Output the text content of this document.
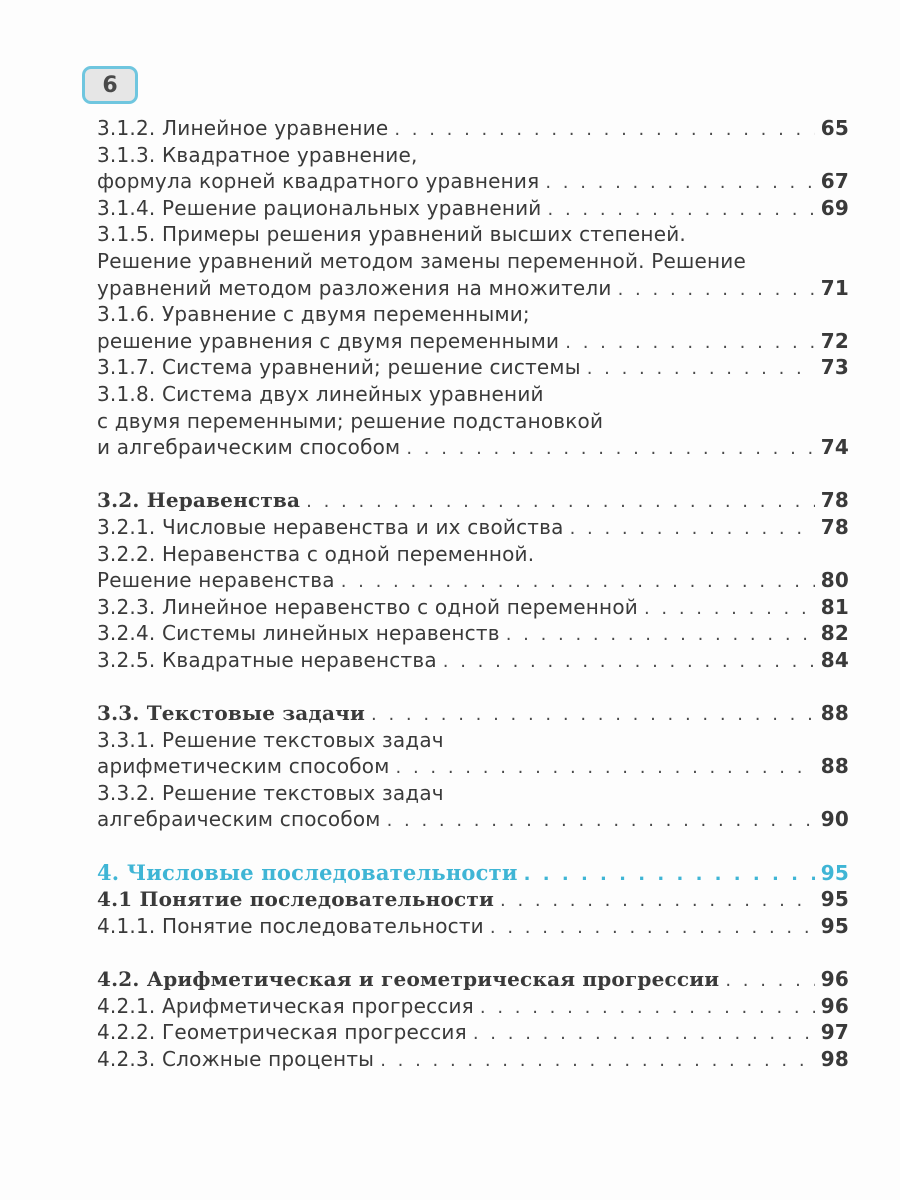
6
3.1.2. Линейное уравнение . . .	65
3.1.3. Квадратное уравнение,
формула корней квадратного уравнения . . .	67
3.1.4. Решение рациональных уравнений . . .	69
3.1.5. Примеры решения уравнений высших степеней.
Решение уравнений методом замены переменной. Решение
уравнений методом разложения на множители . . .	71
3.1.6. Уравнение с двумя переменными;
решение уравнения с двумя переменными . . .	72
3.1.7. Система уравнений; решение системы . . .	73
3.1.8. Система двух линейных уравнений
с двумя переменными; решение подстановкой
и алгебраическим способом . . .	74
3.2. Неравенства . . .	78
3.2.1. Числовые неравенства и их свойства . . .	78
3.2.2. Неравенства с одной переменной.
Решение неравенства . . .	80
3.2.3. Линейное неравенство с одной переменной . . .	81
3.2.4. Системы линейных неравенств . . .	82
3.2.5. Квадратные неравенства . . .	84
3.3. Текстовые задачи . . .	88
3.3.1. Решение текстовых задач
арифметическим способом . . .	88
3.3.2. Решение текстовых задач
алгебраическим способом . . .	90
4. Числовые последовательности . . .	95
4.1 Понятие последовательности . . .	95
4.1.1. Понятие последовательности . . .	95
4.2. Арифметическая и геометрическая прогрессии . . .	96
4.2.1. Арифметическая прогрессия . . .	96
4.2.2. Геометрическая прогрессия . . .	97
4.2.3. Сложные проценты . . .	98
